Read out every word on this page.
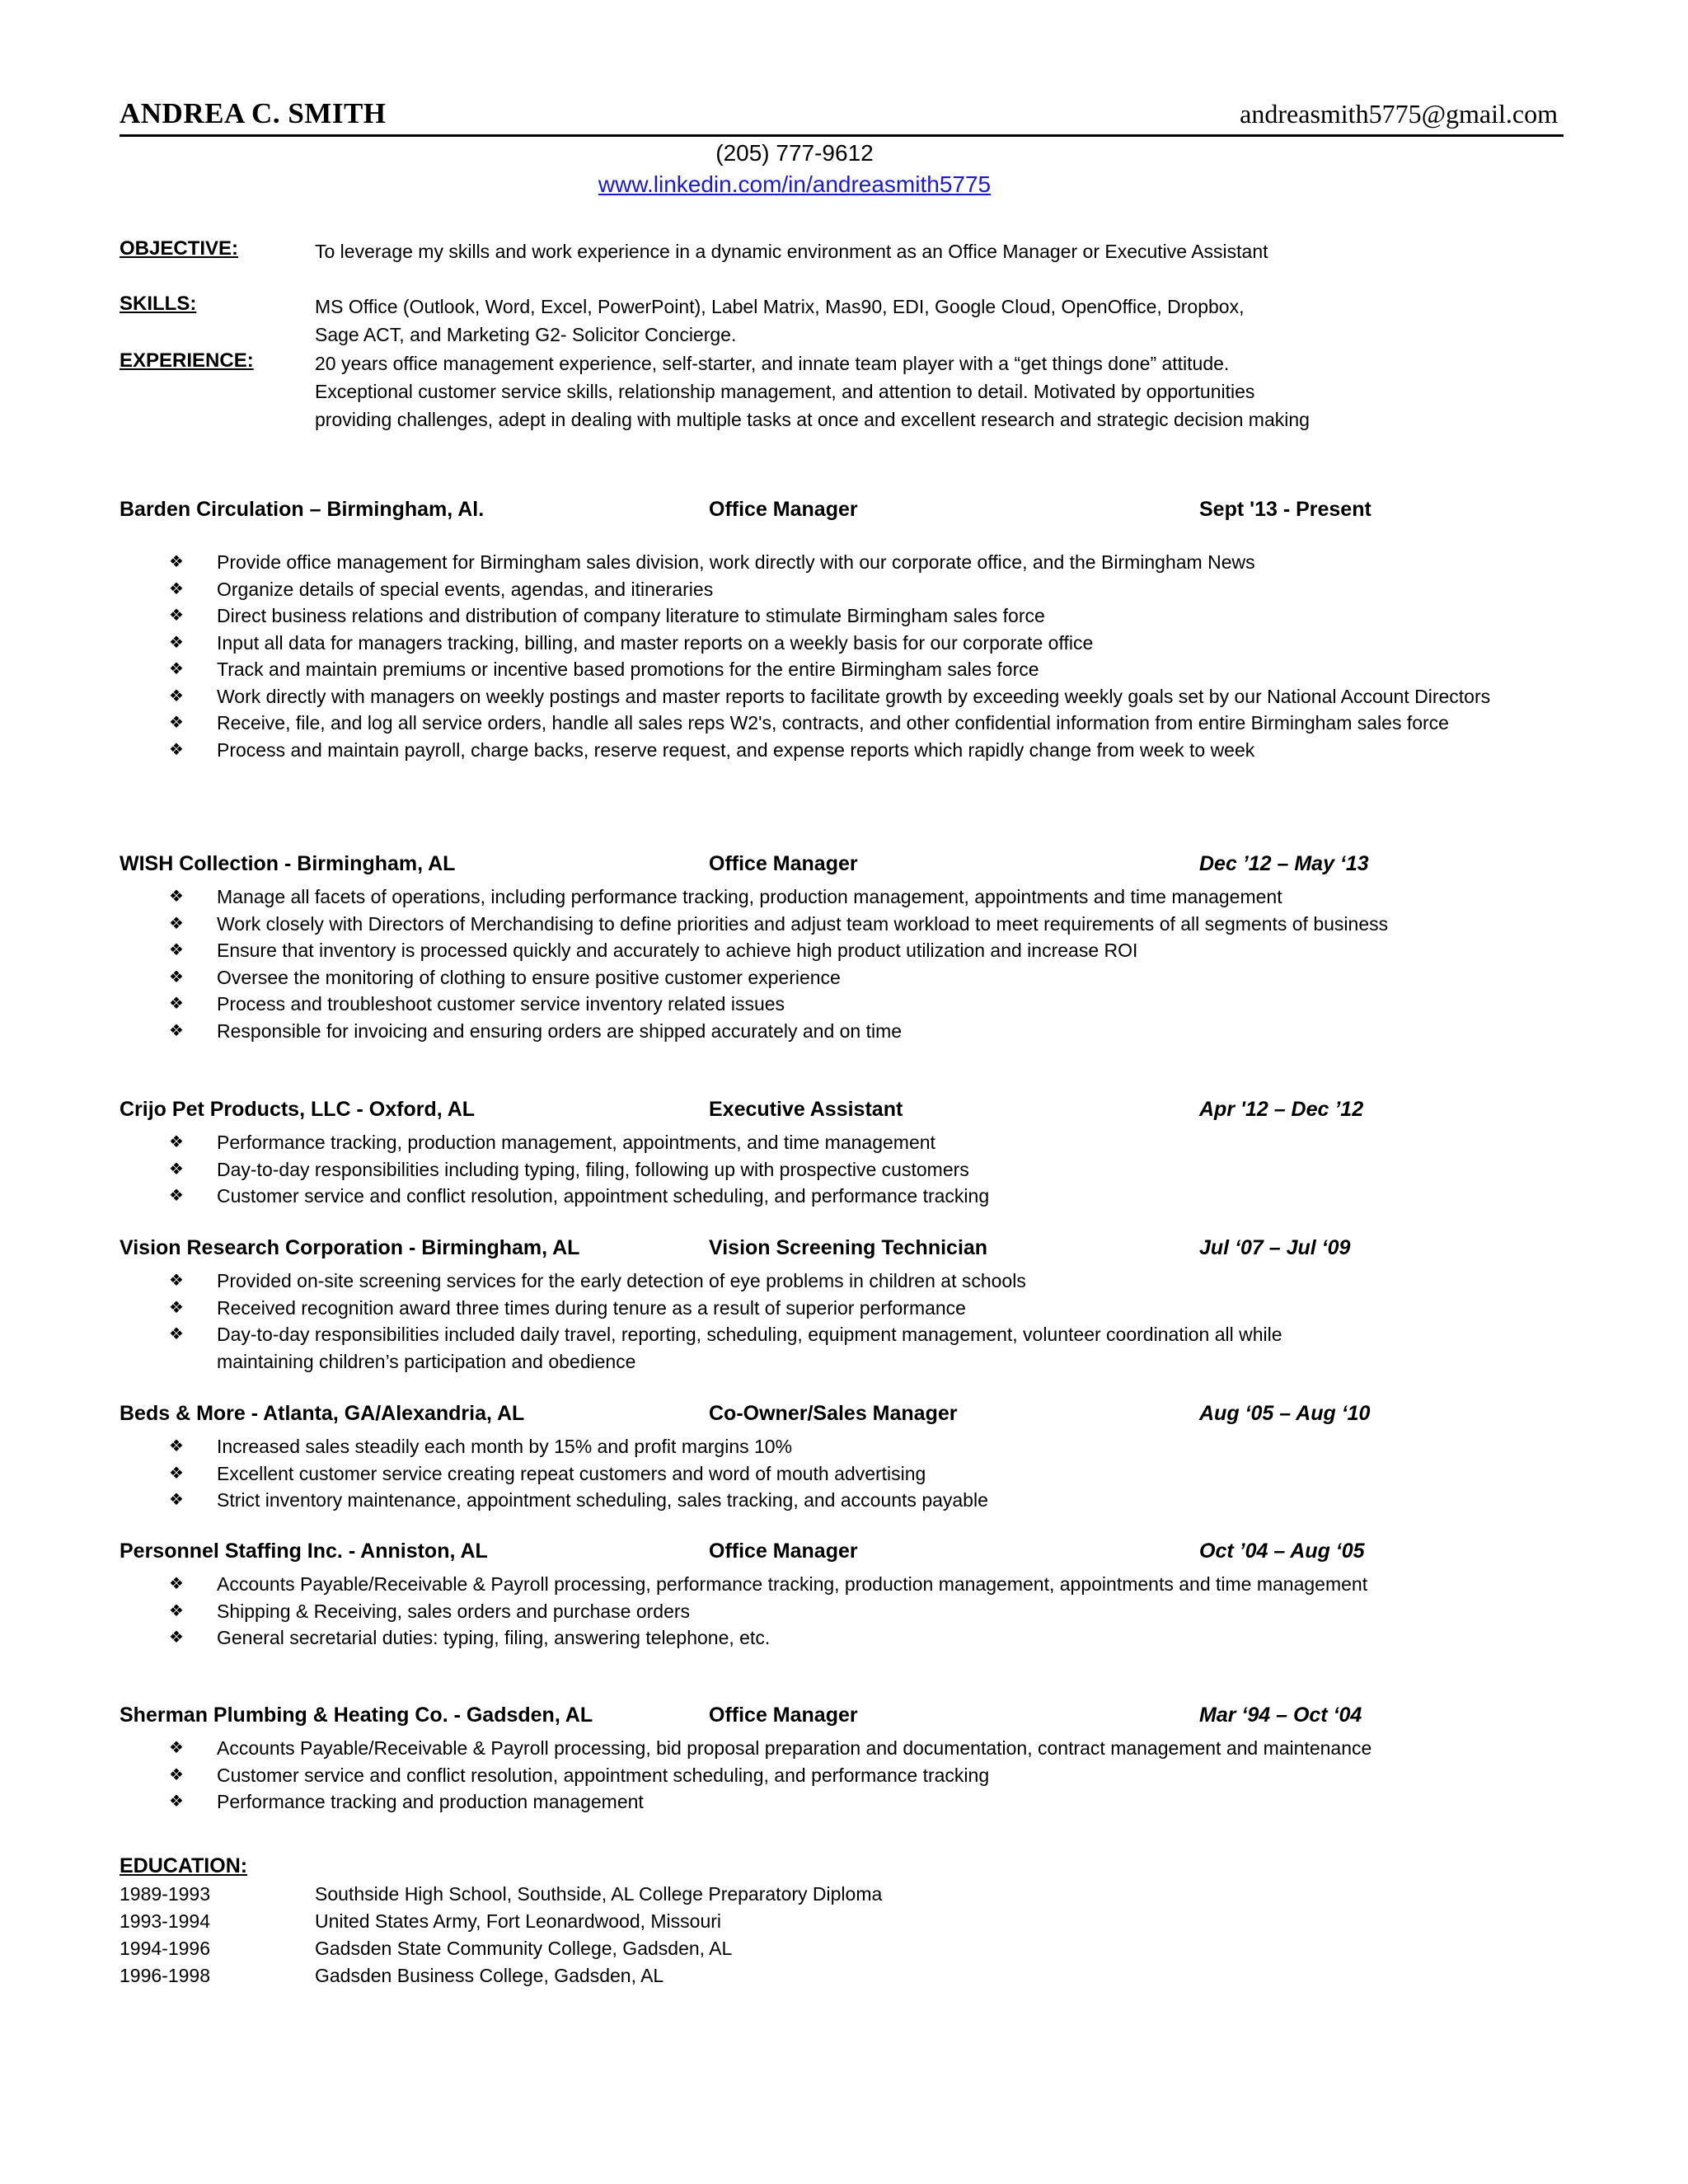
ANDREA C. SMITH	andreasmith5775@gmail.com
(205) 777-9612
www.linkedin.com/in/andreasmith5775
OBJECTIVE:	To leverage my skills and work experience in a dynamic environment as an Office Manager or Executive Assistant
SKILLS:	MS Office (Outlook, Word, Excel, PowerPoint), Label Matrix, Mas90, EDI, Google Cloud, OpenOffice, Dropbox,
Sage ACT, and Marketing G2- Solicitor Concierge.
EXPERIENCE:	20 years office management experience, self-starter, and innate team player with a “get things done” attitude.
Exceptional customer service skills, relationship management, and attention to detail. Motivated by opportunities
providing challenges, adept in dealing with multiple tasks at once and excellent research and strategic decision making
Barden Circulation – Birmingham, Al.	Office Manager	Sept '13 - Present
❖ Provide office management for Birmingham sales division, work directly with our corporate office, and the Birmingham News
❖ Organize details of special events, agendas, and itineraries
❖ Direct business relations and distribution of company literature to stimulate Birmingham sales force
❖ Input all data for managers tracking, billing, and master reports on a weekly basis for our corporate office
❖ Track and maintain premiums or incentive based promotions for the entire Birmingham sales force
❖ Work directly with managers on weekly postings and master reports to facilitate growth by exceeding weekly goals set by our National Account Directors
❖ Receive, file, and log all service orders, handle all sales reps W2's, contracts, and other confidential information from entire Birmingham sales force
❖ Process and maintain payroll, charge backs, reserve request, and expense reports which rapidly change from week to week
WISH Collection - Birmingham, AL	Office Manager	Dec ’12 – May ‘13
❖ Manage all facets of operations, including performance tracking, production management, appointments and time management
❖ Work closely with Directors of Merchandising to define priorities and adjust team workload to meet requirements of all segments of business
❖ Ensure that inventory is processed quickly and accurately to achieve high product utilization and increase ROI
❖ Oversee the monitoring of clothing to ensure positive customer experience
❖ Process and troubleshoot customer service inventory related issues
❖ Responsible for invoicing and ensuring orders are shipped accurately and on time
Crijo Pet Products, LLC - Oxford, AL	Executive Assistant	Apr '12 – Dec ’12
❖ Performance tracking, production management, appointments, and time management
❖ Day-to-day responsibilities including typing, filing, following up with prospective customers
❖ Customer service and conflict resolution, appointment scheduling, and performance tracking
Vision Research Corporation - Birmingham, AL	Vision Screening Technician	Jul ‘07 – Jul ‘09
❖ Provided on-site screening services for the early detection of eye problems in children at schools
❖ Received recognition award three times during tenure as a result of superior performance
❖ Day-to-day responsibilities included daily travel, reporting, scheduling, equipment management, volunteer coordination all while maintaining children’s participation and obedience
Beds & More - Atlanta, GA/Alexandria, AL	Co-Owner/Sales Manager	Aug ‘05 – Aug ‘10
❖ Increased sales steadily each month by 15% and profit margins 10%
❖ Excellent customer service creating repeat customers and word of mouth advertising
❖ Strict inventory maintenance, appointment scheduling, sales tracking, and accounts payable
Personnel Staffing Inc. - Anniston, AL	Office Manager	Oct ’04 – Aug ‘05
❖ Accounts Payable/Receivable & Payroll processing, performance tracking, production management, appointments and time management
❖ Shipping & Receiving, sales orders and purchase orders
❖ General secretarial duties: typing, filing, answering telephone, etc.
Sherman Plumbing & Heating Co. - Gadsden, AL	Office Manager	Mar ‘94 – Oct ‘04
❖ Accounts Payable/Receivable & Payroll processing, bid proposal preparation and documentation, contract management and maintenance
❖ Customer service and conflict resolution, appointment scheduling, and performance tracking
❖ Performance tracking and production management
EDUCATION:
1989-1993	Southside High School, Southside, AL College Preparatory Diploma
1993-1994	United States Army, Fort Leonardwood, Missouri
1994-1996	Gadsden State Community College, Gadsden, AL
1996-1998	Gadsden Business College, Gadsden, AL
